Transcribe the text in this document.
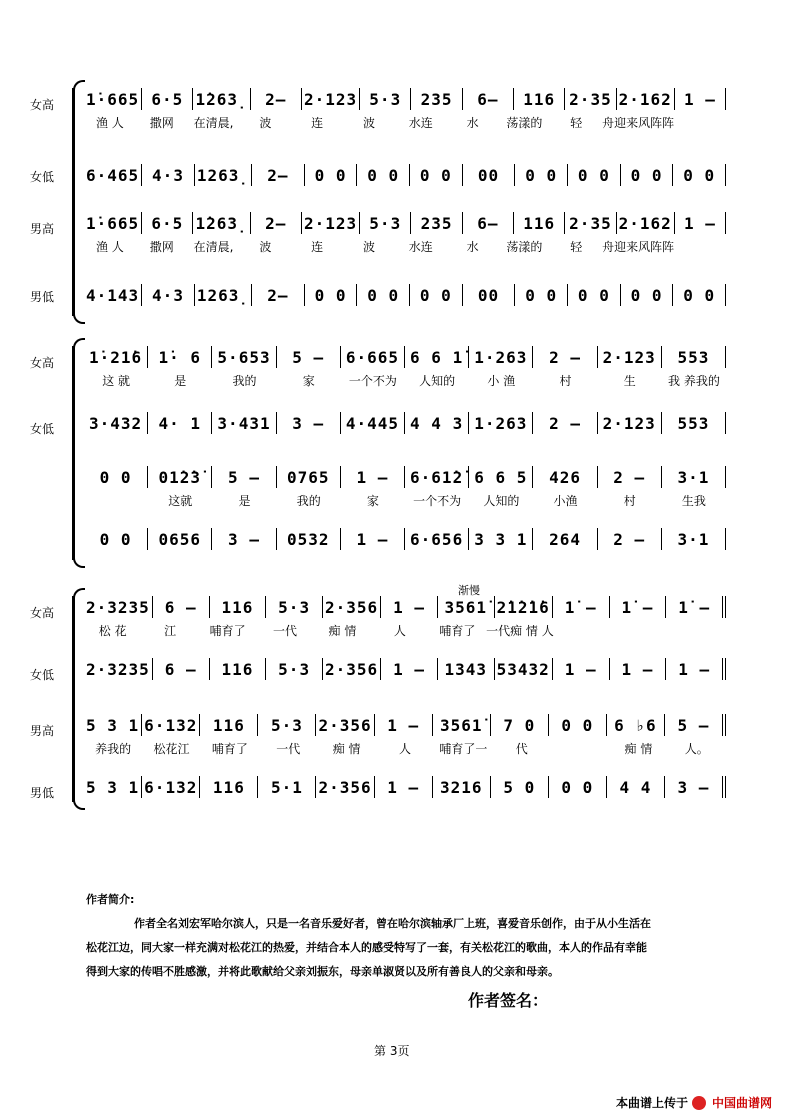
女高 1̇·665 6·5 1̇263̣	2–	2·123 5·3	235	6–	116 2·35 2·162 1 –
渔 人	撒网	在清晨,	波	连	波	水连	水	荡漾的	轻	舟迎来风阵阵
女低 6·465 4·3 1263̣	2–	0 0	0 0	0 0	00	0 0	0 0	0 0	0 0
男高 1̇·665 6·5 1̇263̣	2–	2·123 5·3	235	6–	116 2·35 2·162 1 –
渔 人	撒网	在清晨,	波	连	波	水连	水	荡漾的	轻	舟迎来风阵阵
男低 4·143 4·3 1263̣	2–	0 0	0 0	0 0	00	0 0	0 0	0 0	0 0
女高	1̇·21̇6	1̇· 6	5·653	5 –	6·665 6 6 1̇ 1·263	2 –	2·123	553
这 就	是	我的	家	一个不为	人知的	小 渔	村	生	我 养我的
女低	3·432	4· 1	3·431	3 –	4·445 4 4 3 1·263	2 –	2·123	553
0 0	01̇2̇3̇	5 –	0765	1 –	6·61̇2̇ 6 6 5	426	2 –	3·1
这就	是	我的	家	一个不为	人知的	小渔	村	生我
0 0	0656	3 –	0532	1 –	6·656 3 3 1	264	2 –	3·1
渐慢
女高 2·3235 6 –	116	5·3 2·356 1 –	3561̇ 2̇1̇2̇1̇6 1̇ –	1̇ –	1̇ –
松 花	江	哺育了	一代	痴 情	人	哺育了 一代痴 情 人
女低 2·3235 6 –	116	5·3 2·356 1 –	1343 53432 1 –	1 –	1 –
男高 5 3 1 6·132 116	5·3 2·356 1 –	3561̇	7 0	0 0	6 ♭6	5 –
养我的	松花江	哺育了	一代	痴 情	人	哺育了一	代	痴 情	人。
男低 5 3 1 6·132 116	5·1 2·356 1 –	3216	5 0	0 0	4 4	3 –

作者简介:

作者全名刘宏军哈尔滨人，只是一名音乐爱好者，曾在哈尔滨轴承厂上班，喜爱音乐创作，由于从小生活在

松花江边，同大家一样充满对松花江的热爱，并结合本人的感受特写了一套，有关松花江的歌曲，本人的作品有幸能

得到大家的传唱不胜感激，并将此歌献给父亲刘振东，母亲单淑贤以及所有善良人的父亲和母亲。

作者签名：
第 3页
本曲谱上传于 中国曲谱网
